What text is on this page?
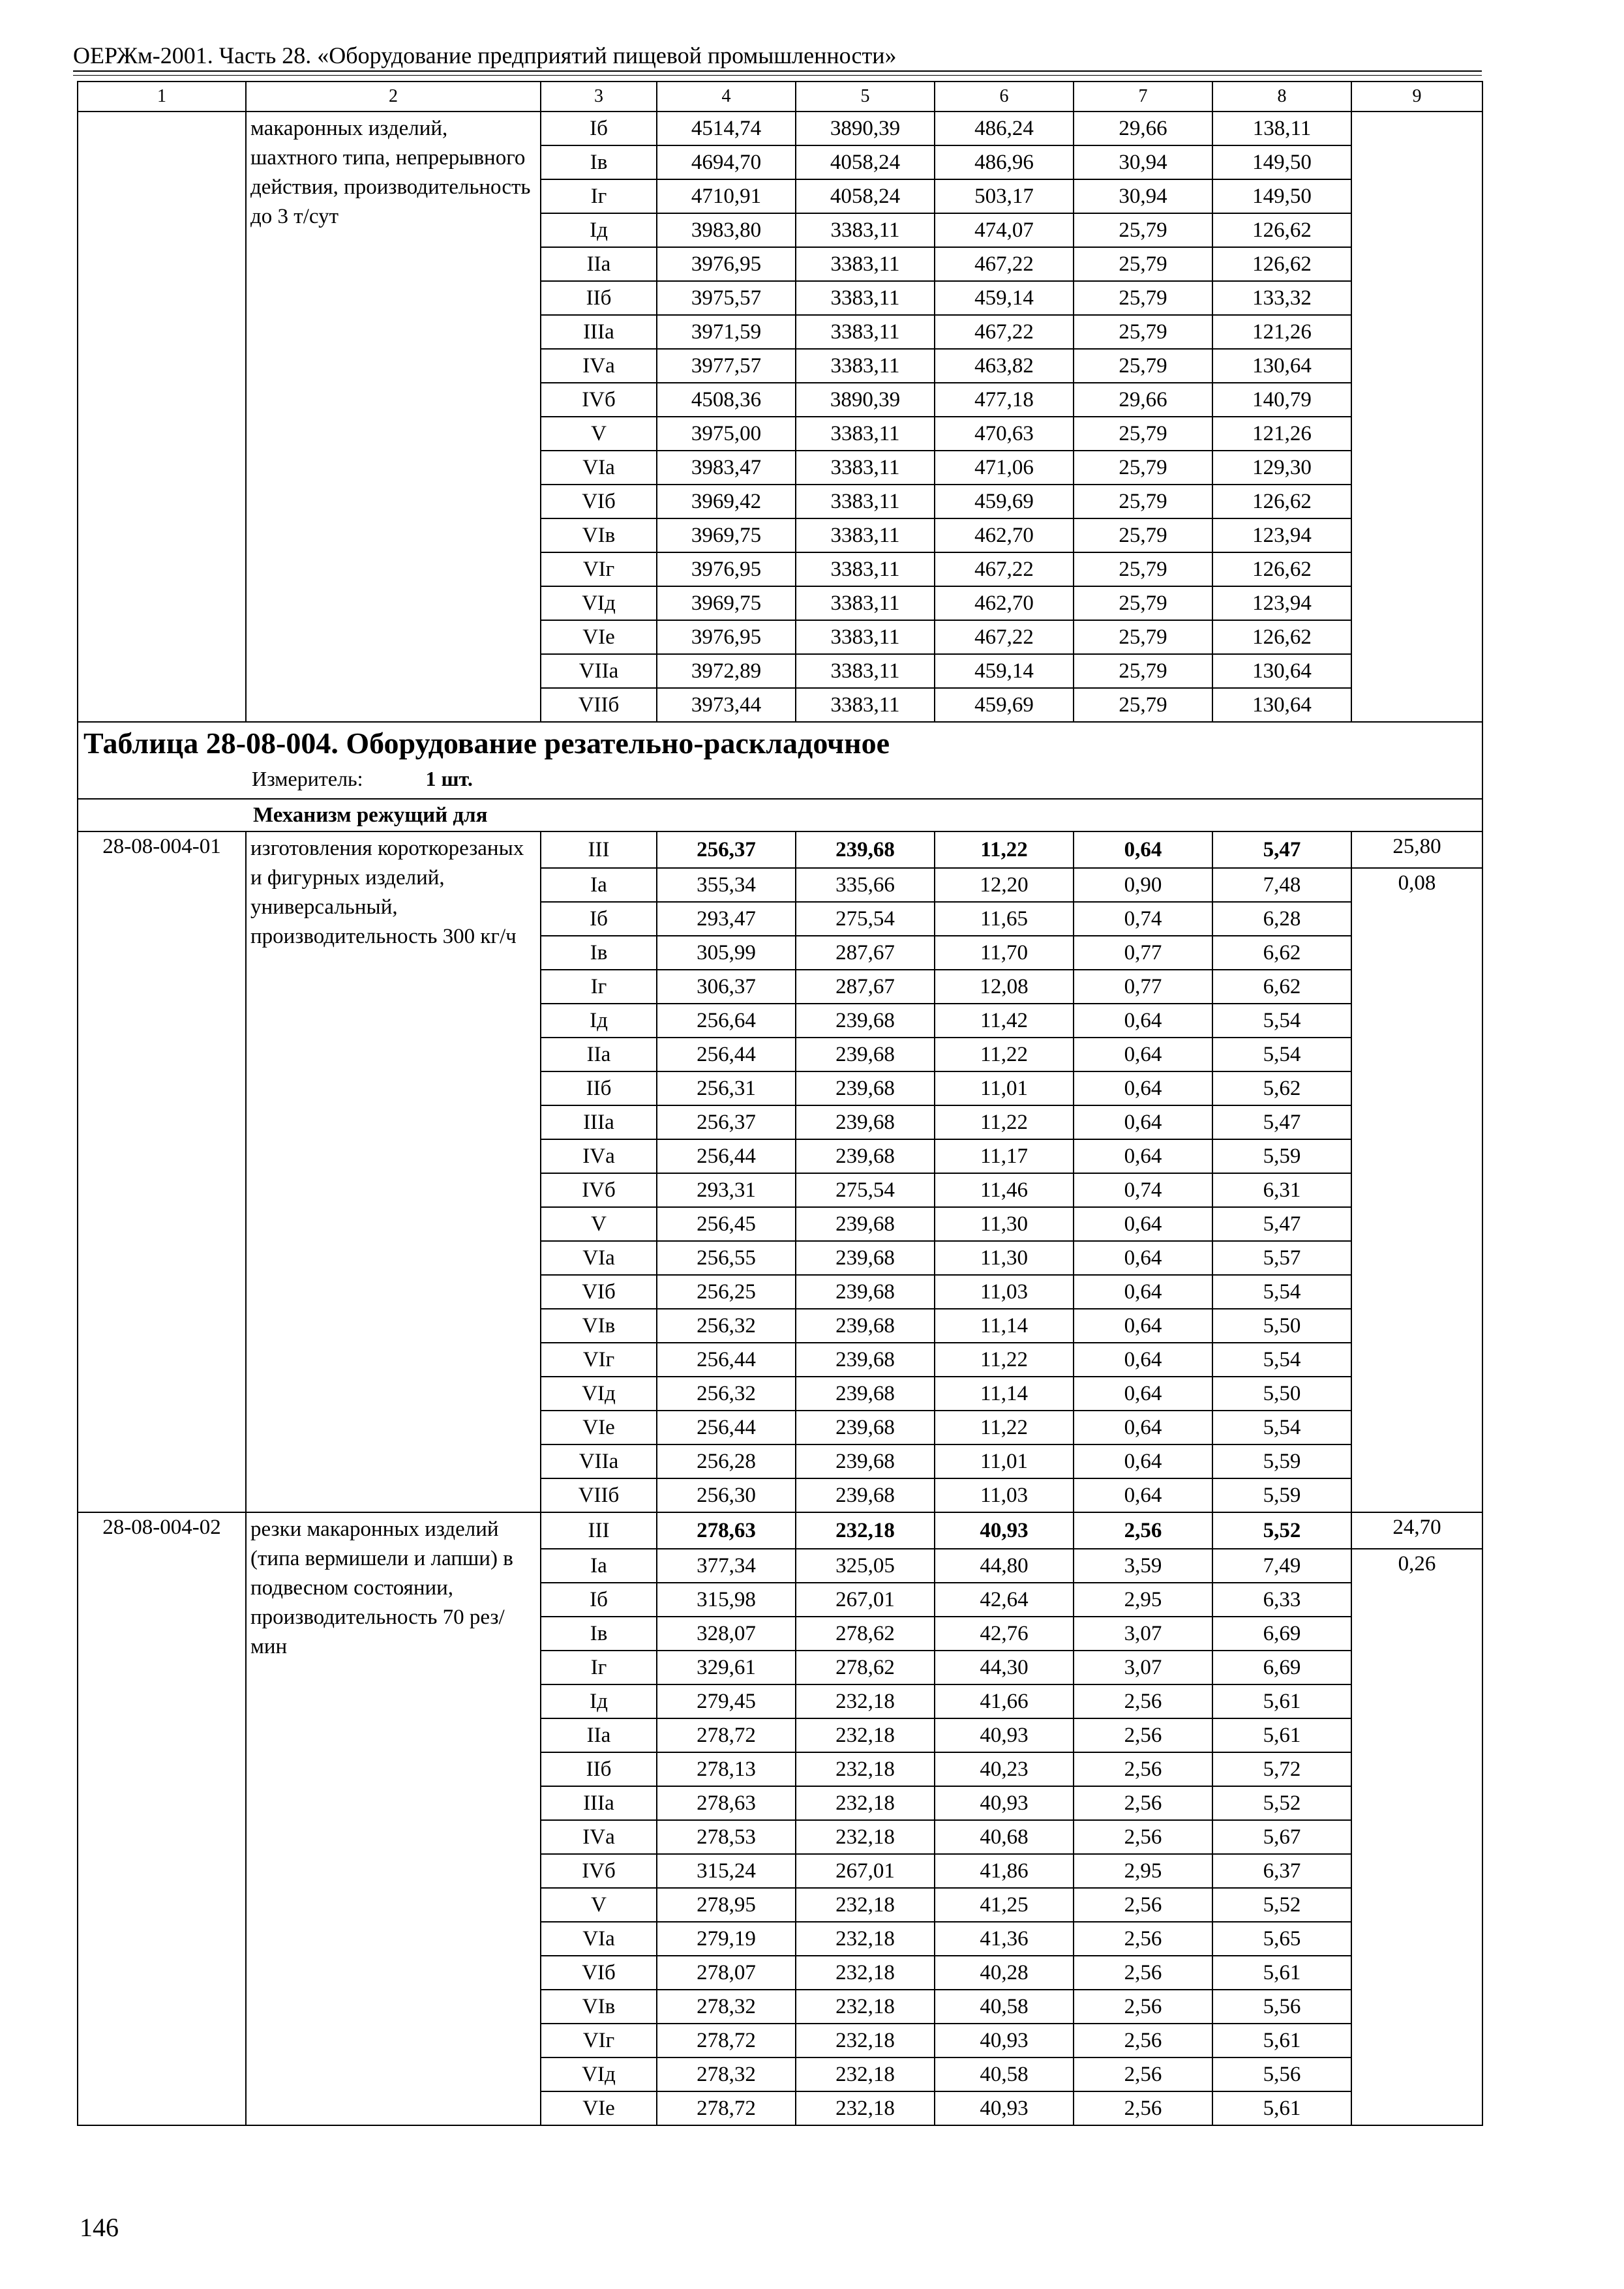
ОЕРЖм-2001. Часть 28. «Оборудование предприятий пищевой промышленности»
1	2	3	4	5	6	7	8	9
	макаронных изделий, шахтного типа, непрерывного действия, производительность до 3 т/сут	Iб	4514,74	3890,39	486,24	29,66	138,11	
		Iв	4694,70	4058,24	486,96	30,94	149,50	
		Iг	4710,91	4058,24	503,17	30,94	149,50	
		Iд	3983,80	3383,11	474,07	25,79	126,62	
		IIа	3976,95	3383,11	467,22	25,79	126,62	
		IIб	3975,57	3383,11	459,14	25,79	133,32	
		IIIа	3971,59	3383,11	467,22	25,79	121,26	
		IVа	3977,57	3383,11	463,82	25,79	130,64	
		IVб	4508,36	3890,39	477,18	29,66	140,79	
		V	3975,00	3383,11	470,63	25,79	121,26	
		VIа	3983,47	3383,11	471,06	25,79	129,30	
		VIб	3969,42	3383,11	459,69	25,79	126,62	
		VIв	3969,75	3383,11	462,70	25,79	123,94	
		VIг	3976,95	3383,11	467,22	25,79	126,62	
		VIд	3969,75	3383,11	462,70	25,79	123,94	
		VIе	3976,95	3383,11	467,22	25,79	126,62	
		VIIа	3972,89	3383,11	459,14	25,79	130,64	
		VIIб	3973,44	3383,11	459,69	25,79	130,64	

Таблица 28-08-004. Оборудование резательно-раскладочное
Измеритель: 1 шт.								

Механизм режущий для								
28-08-004-01	изготовления короткорезаных и фигурных изделий, универсальный, производительность 300 кг/ч	III	256,37	239,68	11,22	0,64	5,47	25,80
		Iа	355,34	335,66	12,20	0,90	7,48	0,08
		Iб	293,47	275,54	11,65	0,74	6,28	
		Iв	305,99	287,67	11,70	0,77	6,62	
		Iг	306,37	287,67	12,08	0,77	6,62	
		Iд	256,64	239,68	11,42	0,64	5,54	
		IIа	256,44	239,68	11,22	0,64	5,54	
		IIб	256,31	239,68	11,01	0,64	5,62	
		IIIа	256,37	239,68	11,22	0,64	5,47	
		IVа	256,44	239,68	11,17	0,64	5,59	
		IVб	293,31	275,54	11,46	0,74	6,31	
		V	256,45	239,68	11,30	0,64	5,47	
		VIа	256,55	239,68	11,30	0,64	5,57	
		VIб	256,25	239,68	11,03	0,64	5,54	
		VIв	256,32	239,68	11,14	0,64	5,50	
		VIг	256,44	239,68	11,22	0,64	5,54	
		VIд	256,32	239,68	11,14	0,64	5,50	
		VIе	256,44	239,68	11,22	0,64	5,54	
		VIIа	256,28	239,68	11,01	0,64	5,59	
		VIIб	256,30	239,68	11,03	0,64	5,59	
28-08-004-02	резки макаронных изделий (типа вермишели и лапши) в подвесном состоянии, производительность 70 рез/мин	III	278,63	232,18	40,93	2,56	5,52	24,70
		Iа	377,34	325,05	44,80	3,59	7,49	0,26
		Iб	315,98	267,01	42,64	2,95	6,33	
		Iв	328,07	278,62	42,76	3,07	6,69	
		Iг	329,61	278,62	44,30	3,07	6,69	
		Iд	279,45	232,18	41,66	2,56	5,61	
		IIа	278,72	232,18	40,93	2,56	5,61	
		IIб	278,13	232,18	40,23	2,56	5,72	
		IIIа	278,63	232,18	40,93	2,56	5,52	
		IVа	278,53	232,18	40,68	2,56	5,67	
		IVб	315,24	267,01	41,86	2,95	6,37	
		V	278,95	232,18	41,25	2,56	5,52	
		VIа	279,19	232,18	41,36	2,56	5,65	
		VIб	278,07	232,18	40,28	2,56	5,61	
		VIв	278,32	232,18	40,58	2,56	5,56	
		VIг	278,72	232,18	40,93	2,56	5,61	
		VIд	278,32	232,18	40,58	2,56	5,56	
		VIе	278,72	232,18	40,93	2,56	5,61	
146
